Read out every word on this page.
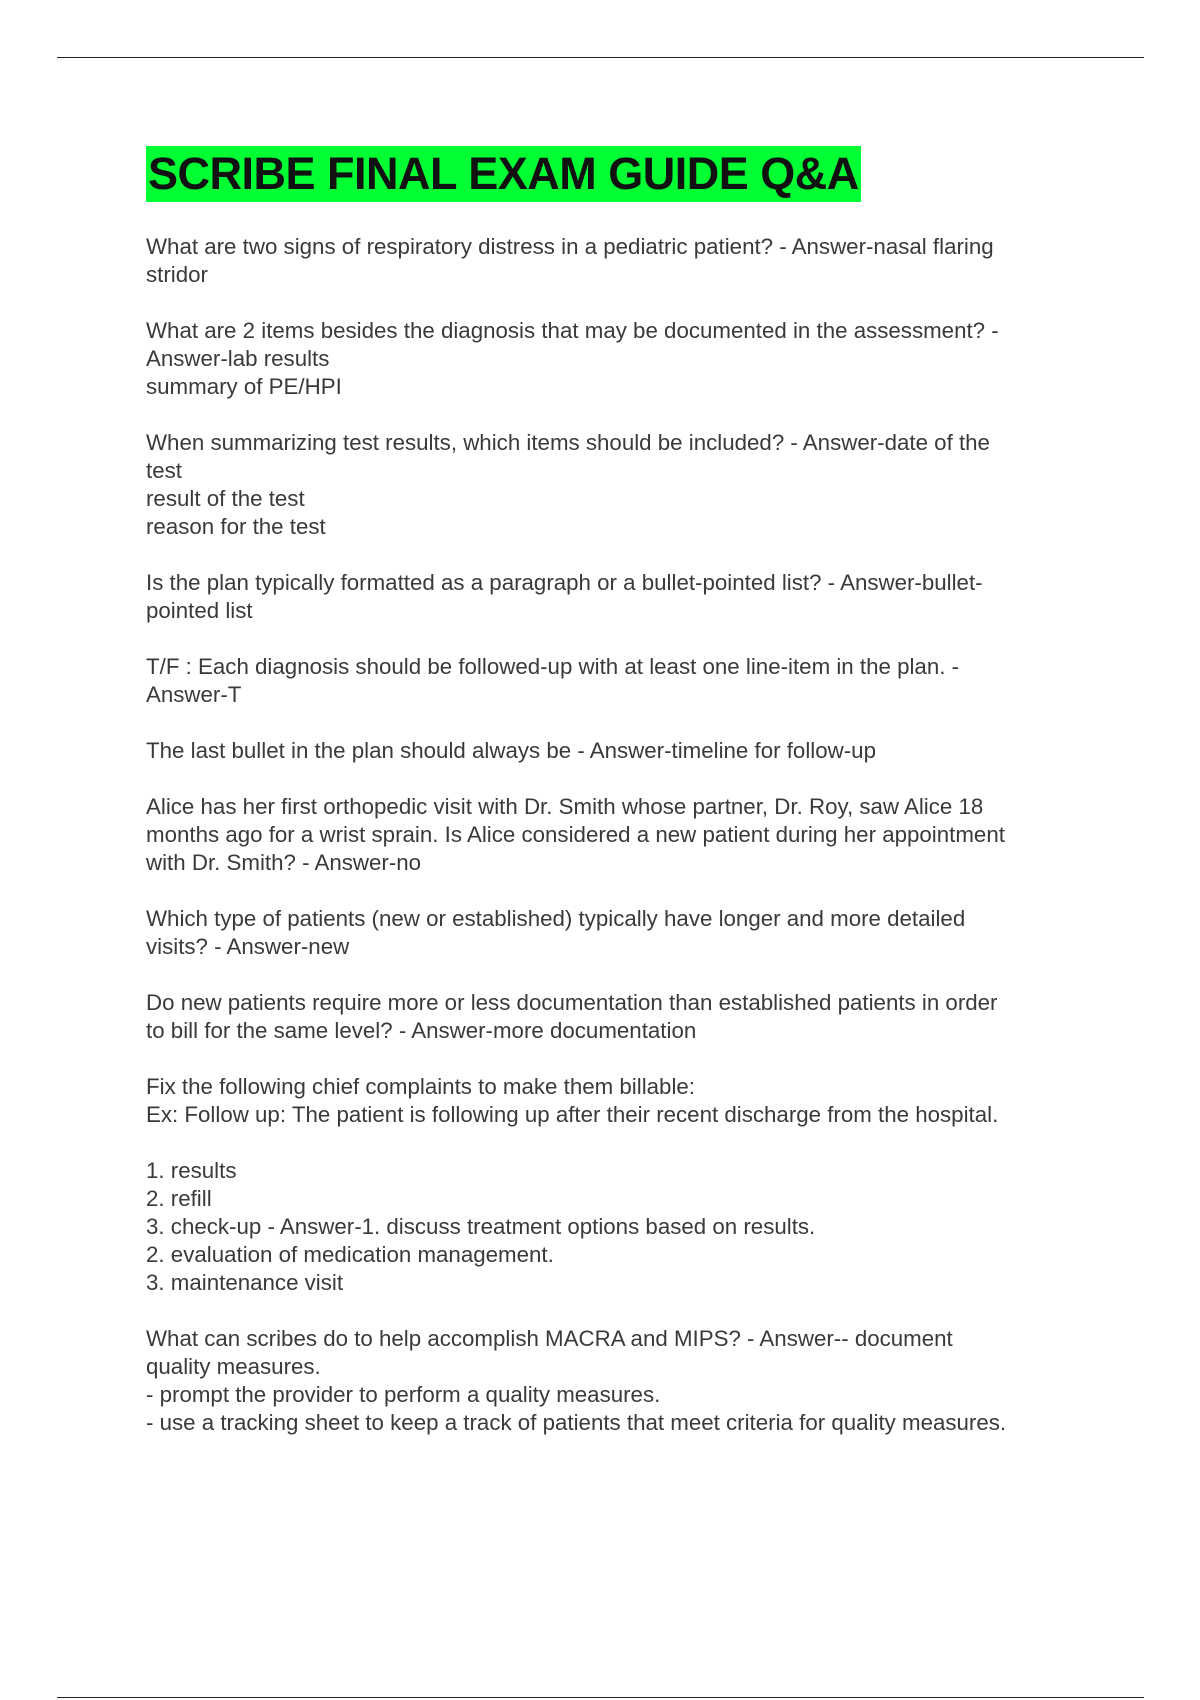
SCRIBE FINAL EXAM GUIDE Q&A
What are two signs of respiratory distress in a pediatric patient? - Answer-nasal flaring
stridor
What are 2 items besides the diagnosis that may be documented in the assessment? -
Answer-lab results
summary of PE/HPI
When summarizing test results, which items should be included? - Answer-date of the
test
result of the test
reason for the test
Is the plan typically formatted as a paragraph or a bullet-pointed list? - Answer-bullet-
pointed list
T/F : Each diagnosis should be followed-up with at least one line-item in the plan. -
Answer-T
The last bullet in the plan should always be - Answer-timeline for follow-up
Alice has her first orthopedic visit with Dr. Smith whose partner, Dr. Roy, saw Alice 18
months ago for a wrist sprain. Is Alice considered a new patient during her appointment
with Dr. Smith? - Answer-no
Which type of patients (new or established) typically have longer and more detailed
visits? - Answer-new
Do new patients require more or less documentation than established patients in order
to bill for the same level? - Answer-more documentation
Fix the following chief complaints to make them billable:
Ex: Follow up: The patient is following up after their recent discharge from the hospital.
1. results
2. refill
3. check-up - Answer-1. discuss treatment options based on results.
2. evaluation of medication management.
3. maintenance visit
What can scribes do to help accomplish MACRA and MIPS? - Answer-- document
quality measures.
- prompt the provider to perform a quality measures.
- use a tracking sheet to keep a track of patients that meet criteria for quality measures.
